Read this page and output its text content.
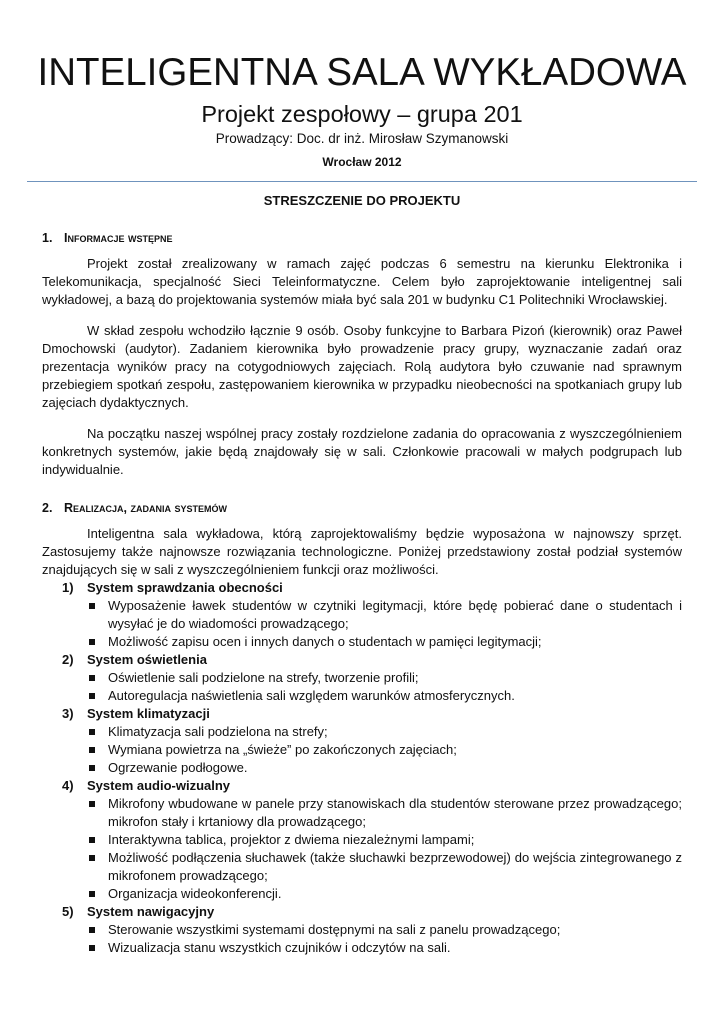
INTELIGENTNA SALA WYKŁADOWA
Projekt zespołowy – grupa 201
Prowadzący: Doc. dr inż. Mirosław Szymanowski
Wrocław 2012
STRESZCZENIE DO PROJEKTU
1. Informacje wstępne

Projekt został zrealizowany w ramach zajęć podczas 6 semestru na kierunku Elektronika i Telekomunikacja, specjalność Sieci Teleinformatyczne. Celem było zaprojektowanie inteligentnej sali wykładowej, a bazą do projektowania systemów miała być sala 201 w budynku C1 Politechniki Wrocławskiej.

W skład zespołu wchodziło łącznie 9 osób. Osoby funkcyjne to Barbara Pizoń (kierownik) oraz Paweł Dmochowski (audytor). Zadaniem kierownika było prowadzenie pracy grupy, wyznaczanie zadań oraz prezentacja wyników pracy na cotygodniowych zajęciach. Rolą audytora było czuwanie nad sprawnym przebiegiem spotkań zespołu, zastępowaniem kierownika w przypadku nieobecności na spotkaniach grupy lub zajęciach dydaktycznych.

Na początku naszej wspólnej pracy zostały rozdzielone zadania do opracowania z wyszczególnieniem konkretnych systemów, jakie będą znajdowały się w sali. Członkowie pracowali w małych podgrupach lub indywidualnie.

2. Realizacja, zadania systemów

Inteligentna sala wykładowa, którą zaprojektowaliśmy będzie wyposażona w najnowszy sprzęt. Zastosujemy także najnowsze rozwiązania technologiczne. Poniżej przedstawiony został podział systemów znajdujących się w sali z wyszczególnieniem funkcji oraz możliwości.

1) System sprawdzania obecności
Wyposażenie ławek studentów w czytniki legitymacji, które będę pobierać dane o studentach i wysyłać je do wiadomości prowadzącego;
Możliwość zapisu ocen i innych danych o studentach w pamięci legitymacji;
2) System oświetlenia
Oświetlenie sali podzielone na strefy, tworzenie profili;
Autoregulacja naświetlenia sali względem warunków atmosferycznych.
3) System klimatyzacji
Klimatyzacja sali podzielona na strefy;
Wymiana powietrza na „świeże” po zakończonych zajęciach;
Ogrzewanie podłogowe.
4) System audio-wizualny
Mikrofony wbudowane w panele przy stanowiskach dla studentów sterowane przez prowadzącego; mikrofon stały i krtaniowy dla prowadzącego;
Interaktywna tablica, projektor z dwiema niezależnymi lampami;
Możliwość podłączenia słuchawek (także słuchawki bezprzewodowej) do wejścia zintegrowanego z mikrofonem prowadzącego;
Organizacja wideokonferencji.
5) System nawigacyjny
Sterowanie wszystkimi systemami dostępnymi na sali z panelu prowadzącego;
Wizualizacja stanu wszystkich czujników i odczytów na sali.
